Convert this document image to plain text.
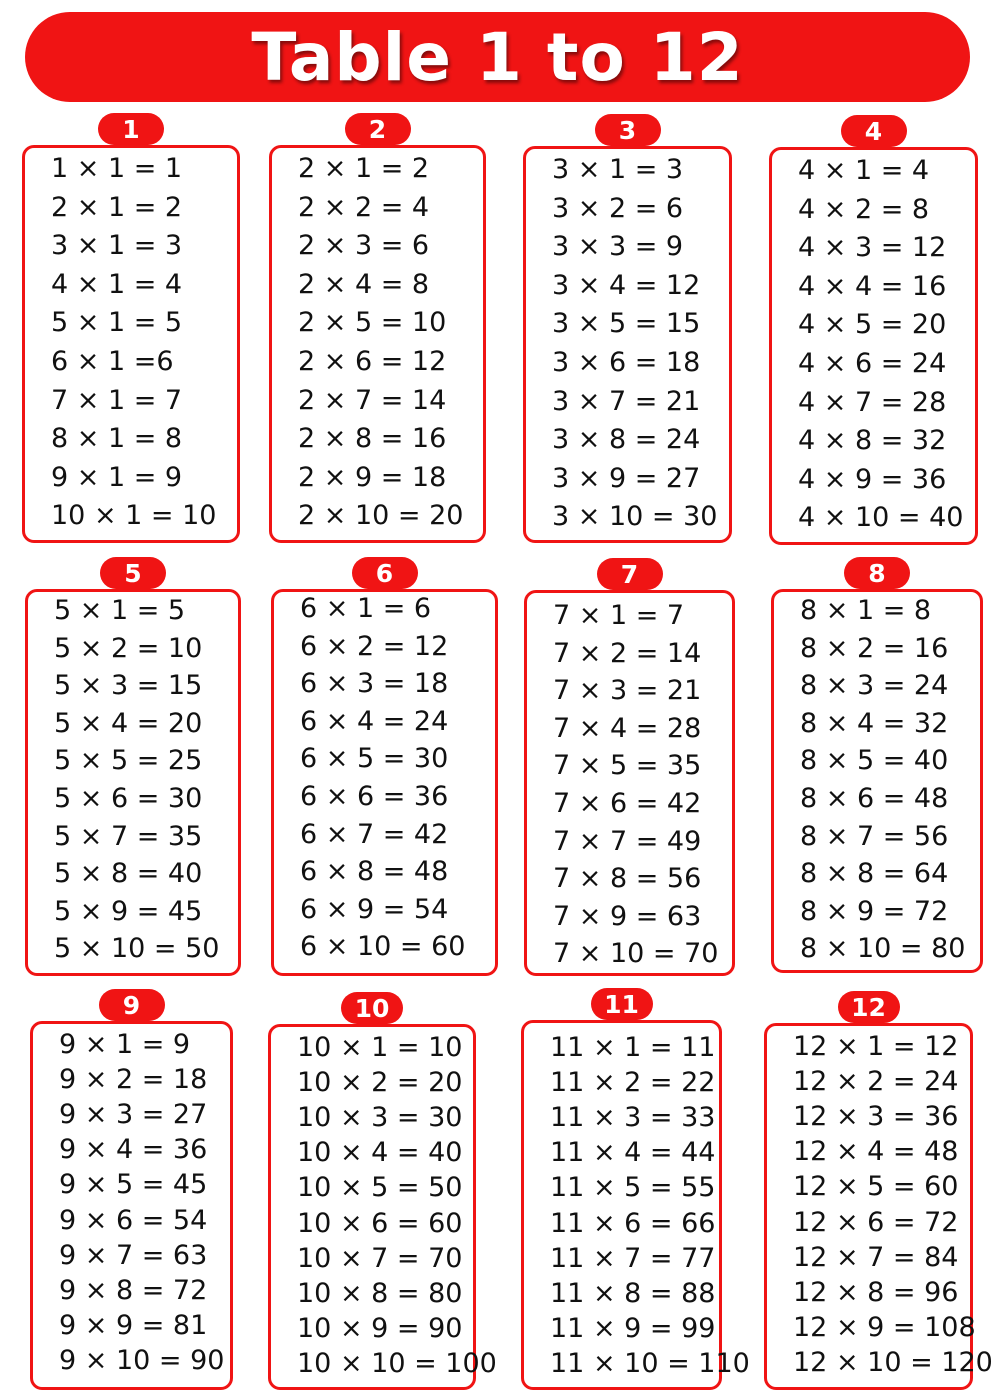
Table 1 to 12
1 × 1 = 1
2 × 1 = 2
3 × 1 = 3
4 × 1 = 4
5 × 1 = 5
6 × 1 =6
7 × 1 = 7
8 × 1 = 8
9 × 1 = 9
10 × 1 = 10
1
2 × 1 = 2
2 × 2 = 4
2 × 3 = 6
2 × 4 = 8
2 × 5 = 10
2 × 6 = 12
2 × 7 = 14
2 × 8 = 16
2 × 9 = 18
2 × 10 = 20
2
3 × 1 = 3
3 × 2 = 6
3 × 3 = 9
3 × 4 = 12
3 × 5 = 15
3 × 6 = 18
3 × 7 = 21
3 × 8 = 24
3 × 9 = 27
3 × 10 = 30
3
4 × 1 = 4
4 × 2 = 8
4 × 3 = 12
4 × 4 = 16
4 × 5 = 20
4 × 6 = 24
4 × 7 = 28
4 × 8 = 32
4 × 9 = 36
4 × 10 = 40
4
5 × 1 = 5
5 × 2 = 10
5 × 3 = 15
5 × 4 = 20
5 × 5 = 25
5 × 6 = 30
5 × 7 = 35
5 × 8 = 40
5 × 9 = 45
5 × 10 = 50
5
6 × 1 = 6
6 × 2 = 12
6 × 3 = 18
6 × 4 = 24
6 × 5 = 30
6 × 6 = 36
6 × 7 = 42
6 × 8 = 48
6 × 9 = 54
6 × 10 = 60
6
7 × 1 = 7
7 × 2 = 14
7 × 3 = 21
7 × 4 = 28
7 × 5 = 35
7 × 6 = 42
7 × 7 = 49
7 × 8 = 56
7 × 9 = 63
7 × 10 = 70
7
8 × 1 = 8
8 × 2 = 16
8 × 3 = 24
8 × 4 = 32
8 × 5 = 40
8 × 6 = 48
8 × 7 = 56
8 × 8 = 64
8 × 9 = 72
8 × 10 = 80
8
9 × 1 = 9
9 × 2 = 18
9 × 3 = 27
9 × 4 = 36
9 × 5 = 45
9 × 6 = 54
9 × 7 = 63
9 × 8 = 72
9 × 9 = 81
9 × 10 = 90
9
10 × 1 = 10
10 × 2 = 20
10 × 3 = 30
10 × 4 = 40
10 × 5 = 50
10 × 6 = 60
10 × 7 = 70
10 × 8 = 80
10 × 9 = 90
10 × 10 = 100
10
11 × 1 = 11
11 × 2 = 22
11 × 3 = 33
11 × 4 = 44
11 × 5 = 55
11 × 6 = 66
11 × 7 = 77
11 × 8 = 88
11 × 9 = 99
11 × 10 = 110
11
12 × 1 = 12
12 × 2 = 24
12 × 3 = 36
12 × 4 = 48
12 × 5 = 60
12 × 6 = 72
12 × 7 = 84
12 × 8 = 96
12 × 9 = 108
12 × 10 = 120
12
